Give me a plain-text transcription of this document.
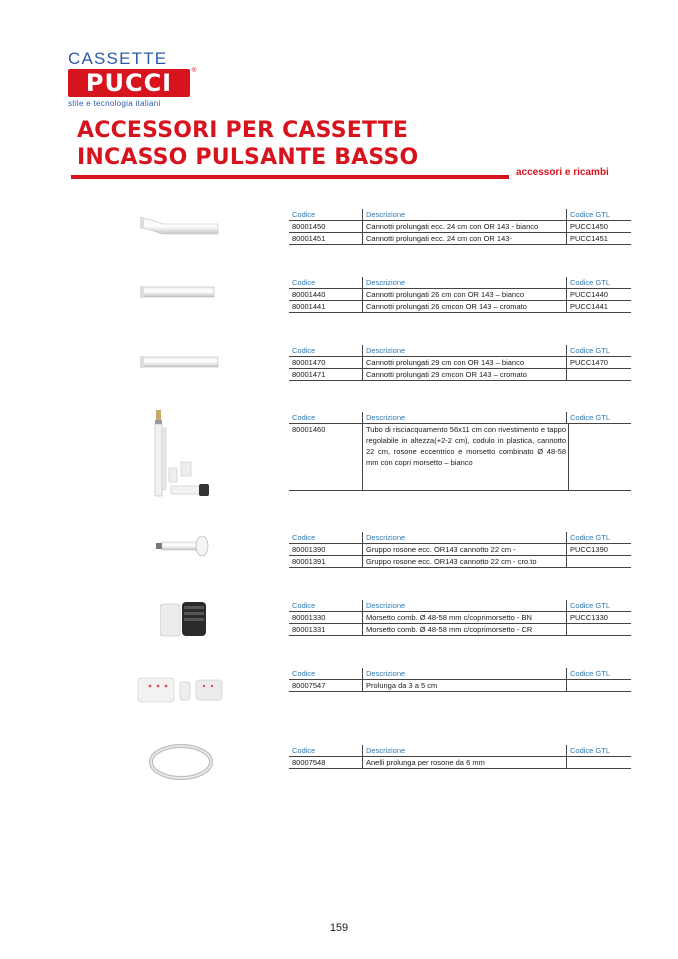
CASSETTE
PUCCI	®
stile e tecnologia italiani
ACCESSORI PER CASSETTE
INCASSO PULSANTE BASSO
accessori e ricambi
Codice	Descrizione	Codice GTL
80001450	Cannotti prolungati ecc. 24 cm con OR 143 - bianco	PUCC1450
80001451	Cannotti prolungati ecc. 24 cm con OR 143-	PUCC1451
Codice	Descrizione	Codice GTL
80001440	Cannotti prolungati 26 cm con OR 143 – bianco	PUCC1440
80001441	Cannotti prolungati 26 cmcon OR 143 – cromato	PUCC1441
Codice	Descrizione	Codice GTL
80001470	Cannotti prolungati 29 cm con OR 143 – bianco	PUCC1470
80001471	Cannotti prolungati 29 cmcon OR 143 – cromato
Codice	Descrizione	Codice GTL
80001460	Tubo di risciacquamento 56x11 cm con rivestimento e tappo regolabile in altezza(+2-2 cm), codulo in plastica, cannotto 22 cm, rosone eccentrico e morsetto combinato Ø 48-58 mm con copri morsetto – bianco
Codice	Descrizione	Codice GTL
80001390	Gruppo rosone ecc. OR143 cannotto 22 cm -	PUCC1390
80001391	Gruppo rosone ecc. OR143 cannotto 22 cm - cro.to
Codice	Descrizione	Codice GTL
80001330	Morsetto comb. Ø 48-58 mm c/coprimorsetto - BN	PUCC1330
80001331	Morsetto comb. Ø 48-58 mm c/coprimorsetto - CR
Codice	Descrizione	Codice GTL
80007547	Prolunga da 3 a 5 cm
Codice	Descrizione	Codice GTL
80007548	Anelli prolunga per rosone da 6 mm
159
